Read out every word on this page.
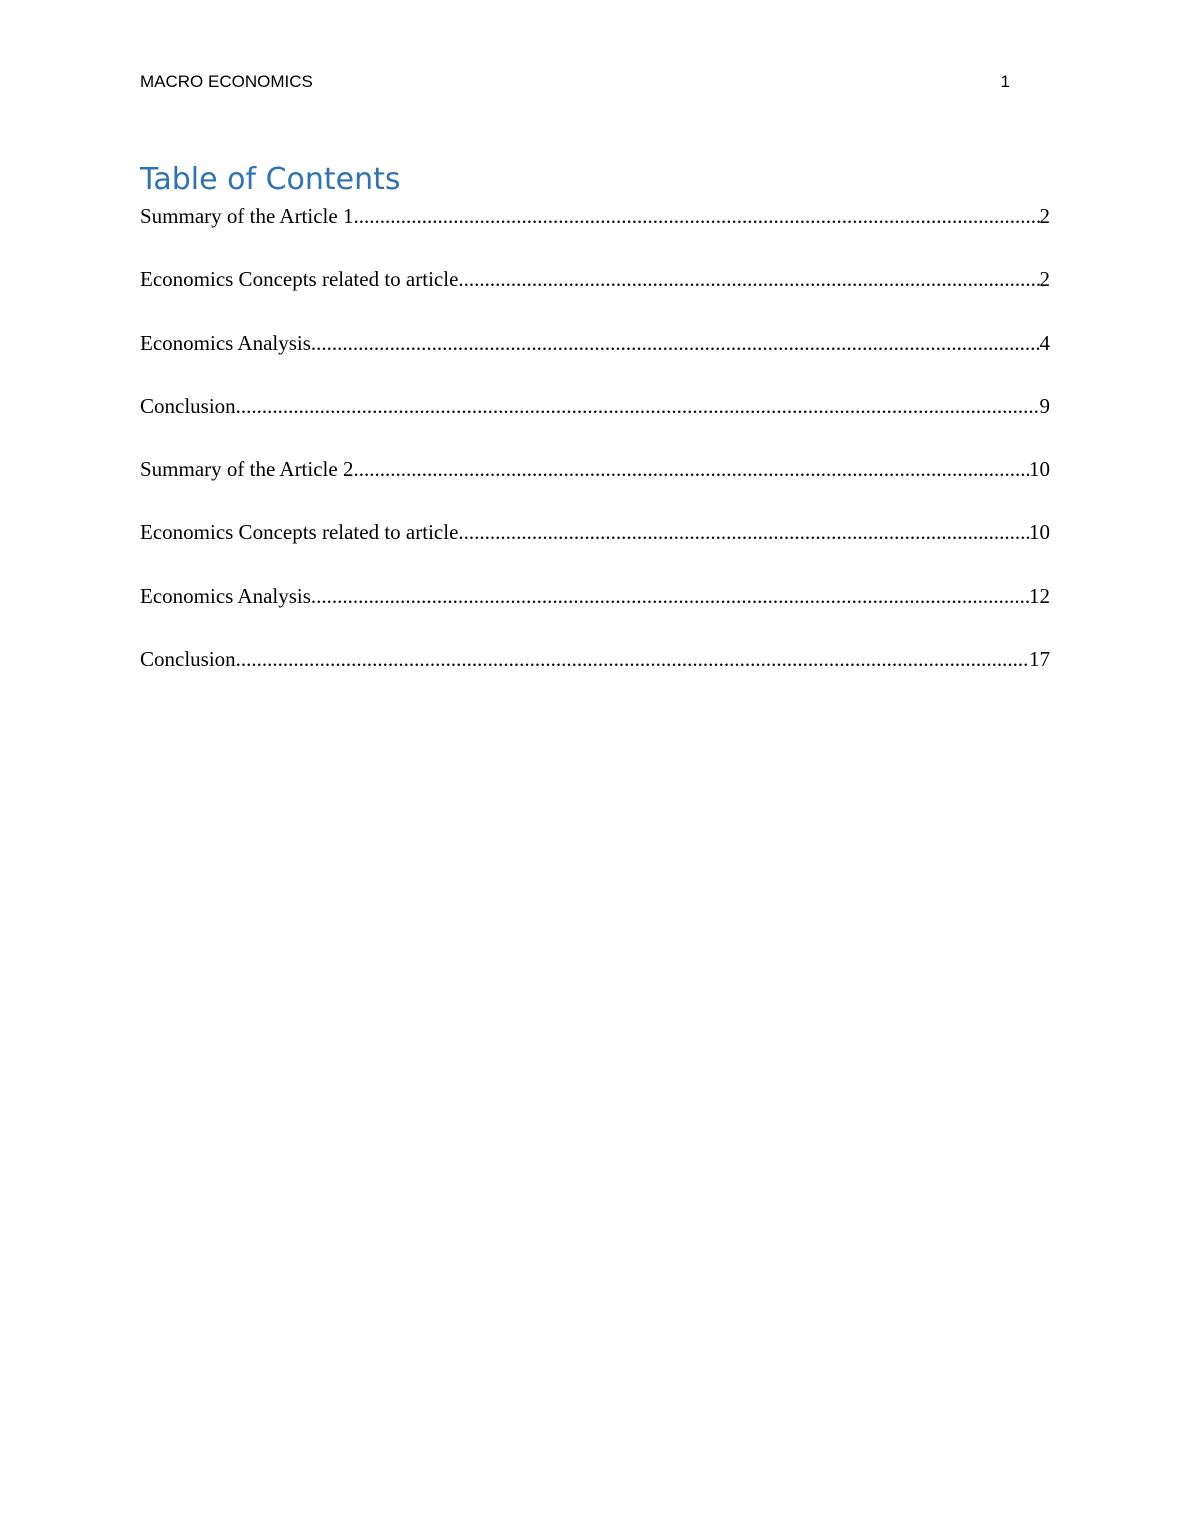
MACRO ECONOMICS	1
Table of Contents
Summary of the Article 1 .....	2
Economics Concepts related to article .....	2
Economics Analysis .....	4
Conclusion .....	9
Summary of the Article 2 .....	10
Economics Concepts related to article .....	10
Economics Analysis .....	12
Conclusion .....	17
